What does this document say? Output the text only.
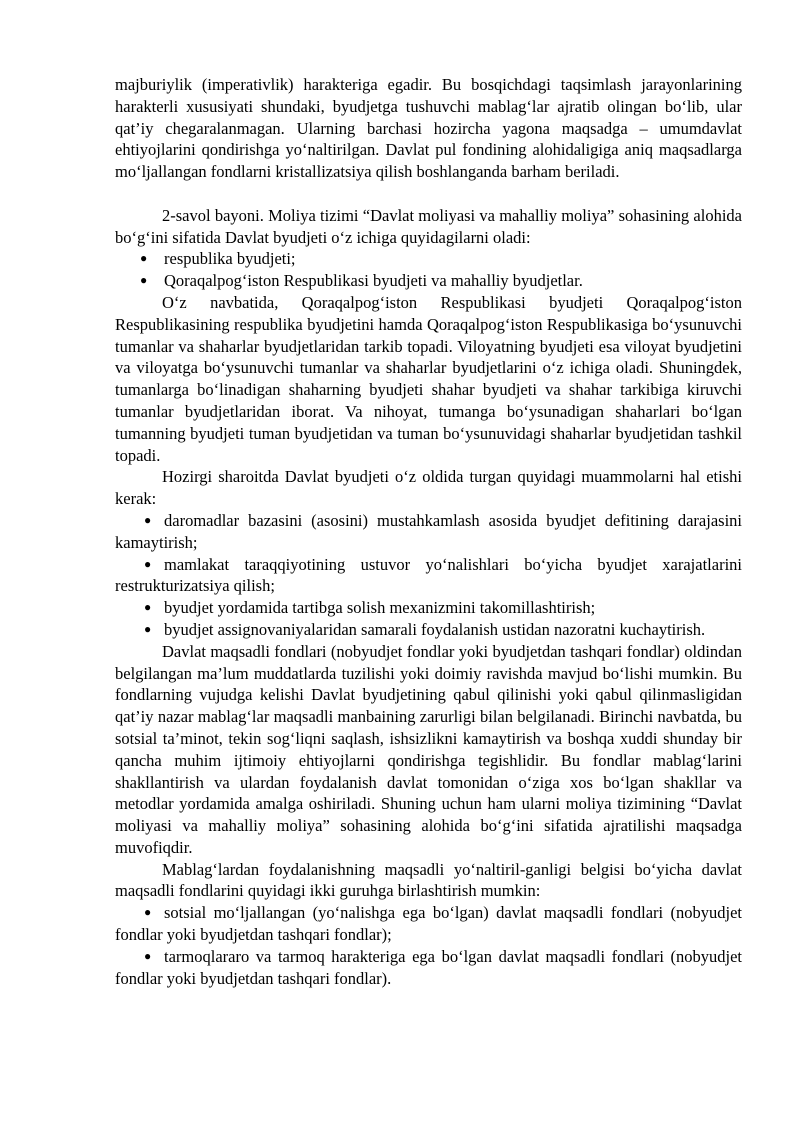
majburiylik (imperativlik) harakteriga egadir. Bu bosqichdagi taqsimlash jarayonlarining harakterli xususiyati shundaki, byudjetga tushuvchi mablag‘lar ajratib olingan bo‘lib, ular qat’iy chegaralanmagan. Ularning barchasi hozircha yagona maqsadga – umumdavlat ehtiyojlarini qondirishga yo‘naltirilgan. Davlat pul fondining alohidaligiga aniq maqsadlarga mo‘ljallangan fondlarni kristallizatsiya qilish boshlanganda barham beriladi.

2-savol bayoni. Moliya tizimi “Davlat moliyasi va mahalliy moliya” sohasining alohida bo‘g‘ini sifatida Davlat byudjeti o‘z ichiga quyidagilarni oladi:

● respublika byudjeti;
● Qoraqalpog‘iston Respublikasi byudjeti va mahalliy byudjetlar.

O‘z navbatida, Qoraqalpog‘iston Respublikasi byudjeti Qoraqalpog‘iston Respublikasining respublika byudjetini hamda Qoraqalpog‘iston Respublikasiga bo‘ysunuvchi tumanlar va shaharlar byudjetlaridan tarkib topadi. Viloyatning byudjeti esa viloyat byudjetini va viloyatga bo‘ysunuvchi tumanlar va shaharlar byudjetlarini o‘z ichiga oladi. Shuningdek, tumanlarga bo‘linadigan shaharning byudjeti shahar byudjeti va shahar tarkibiga kiruvchi tumanlar byudjetlaridan iborat. Va nihoyat, tumanga bo‘ysunadigan shaharlari bo‘lgan tumanning byudjeti tuman byudjetidan va tuman bo‘ysunuvidagi shaharlar byudjetidan tashkil topadi.

Hozirgi sharoitda Davlat byudjeti o‘z oldida turgan quyidagi muammolarni hal etishi kerak:

● daromadlar bazasini (asosini) mustahkamlash asosida byudjet defitining darajasini kamaytirish;
● mamlakat taraqqiyotining ustuvor yo‘nalishlari bo‘yicha byudjet xarajatlarini restrukturizatsiya qilish;
● byudjet yordamida tartibga solish mexanizmini takomillashtirish;
● byudjet assignovaniyalaridan samarali foydalanish ustidan nazoratni kuchaytirish.

Davlat maqsadli fondlari (nobyudjet fondlar yoki byudjetdan tashqari fondlar) oldindan belgilangan ma’lum muddatlarda tuzilishi yoki doimiy ravishda mavjud bo‘lishi mumkin. Bu fondlarning vujudga kelishi Davlat byudjetining qabul qilinishi yoki qabul qilinmasligidan qat’iy nazar mablag‘lar maqsadli manbaining zarurligi bilan belgilanadi. Birinchi navbatda, bu sotsial ta’minot, tekin sog‘liqni saqlash, ishsizlikni kamaytirish va boshqa xuddi shunday bir qancha muhim ijtimoiy ehtiyojlarni qondirishga tegishlidir. Bu fondlar mablag‘larini shakllantirish va ulardan foydalanish davlat tomonidan o‘ziga xos bo‘lgan shakllar va metodlar yordamida amalga oshiriladi. Shuning uchun ham ularni moliya tizimining “Davlat moliyasi va mahalliy moliya” sohasining alohida bo‘g‘ini sifatida ajratilishi maqsadga muvofiqdir.

Mablag‘lardan foydalanishning maqsadli yo‘naltiril-ganligi belgisi bo‘yicha davlat maqsadli fondlarini quyidagi ikki guruhga birlashtirish mumkin:

● sotsial mo‘ljallangan (yo‘nalishga ega bo‘lgan) davlat maqsadli fondlari (nobyudjet fondlar yoki byudjetdan tashqari fondlar);
● tarmoqlararo va tarmoq harakteriga ega bo‘lgan davlat maqsadli fondlari (nobyudjet fondlar yoki byudjetdan tashqari fondlar).
